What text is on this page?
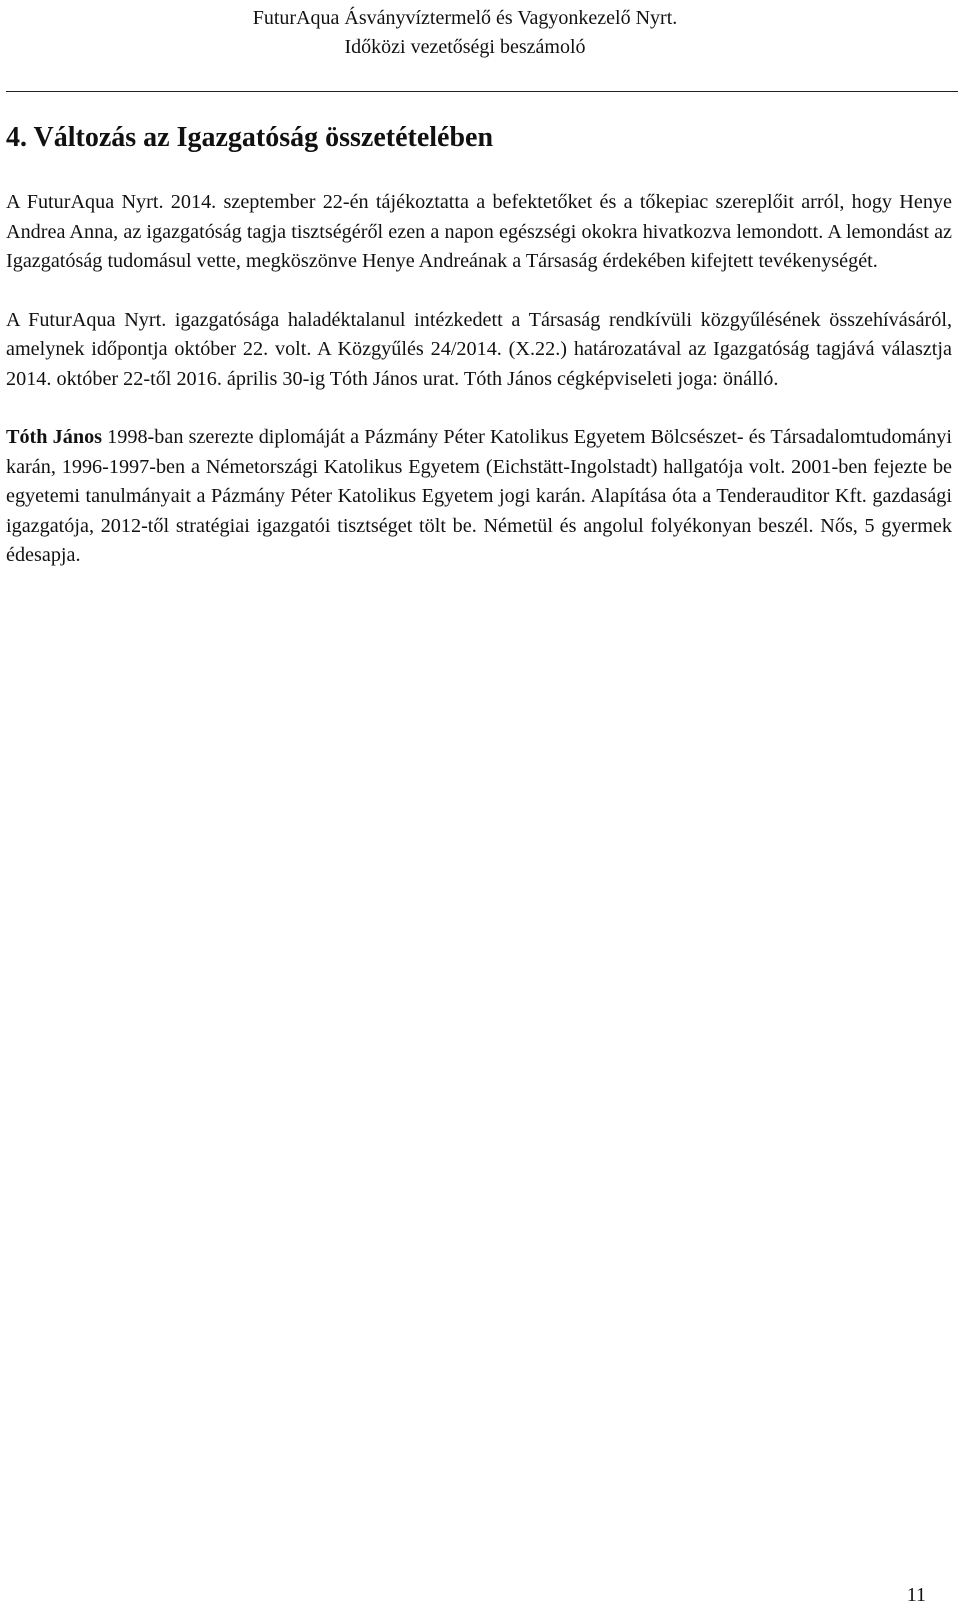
FuturAqua Ásványvíztermelő és Vagyonkezelő Nyrt.
Időközi vezetőségi beszámoló
4. Változás az Igazgatóság összetételében

A FuturAqua Nyrt. 2014. szeptember 22-én tájékoztatta a befektetőket és a tőkepiac szereplőit arról, hogy Henye Andrea Anna, az igazgatóság tagja tisztségéről ezen a napon egészségi okokra hivatkozva lemondott. A lemondást az Igazgatóság tudomásul vette, megköszönve Henye Andreának a Társaság érdekében kifejtett tevékenységét.

A FuturAqua Nyrt. igazgatósága haladéktalanul intézkedett a Társaság rendkívüli közgyűlésének összehívásáról, amelynek időpontja október 22. volt. A Közgyűlés 24/2014. (X.22.) határozatával az Igazgatóság tagjává választja 2014. október 22-től 2016. április 30-ig Tóth János urat. Tóth János cégképviseleti joga: önálló.

Tóth János 1998-ban szerezte diplomáját a Pázmány Péter Katolikus Egyetem Bölcsészet- és Társadalomtudományi karán, 1996-1997-ben a Németországi Katolikus Egyetem (Eichstätt-Ingolstadt) hallgatója volt. 2001-ben fejezte be egyetemi tanulmányait a Pázmány Péter Katolikus Egyetem jogi karán. Alapítása óta a Tenderauditor Kft. gazdasági igazgatója, 2012-től stratégiai igazgatói tisztséget tölt be. Németül és angolul folyékonyan beszél. Nős, 5 gyermek édesapja.

11
